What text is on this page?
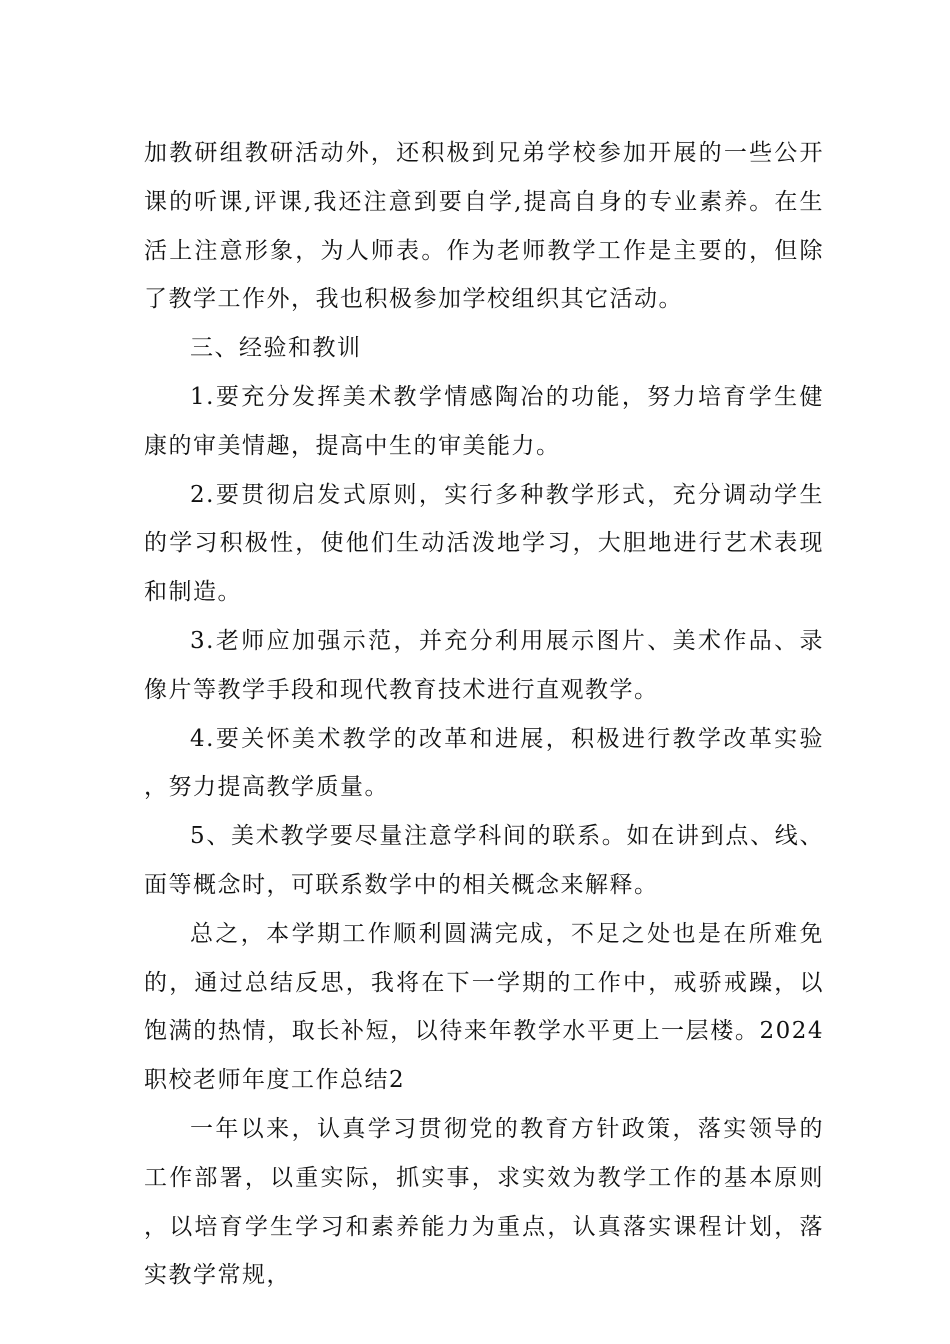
加教研组教研活动外，还积极到兄弟学校参加开展的一些公开课的听课,评课,我还注意到要自学,提高自身的专业素养。在生活上注意形象，为人师表。作为老师教学工作是主要的，但除了教学工作外，我也积极参加学校组织其它活动。

三、经验和教训

1.要充分发挥美术教学情感陶冶的功能，努力培育学生健康的审美情趣，提高中生的审美能力。

2.要贯彻启发式原则，实行多种教学形式，充分调动学生的学习积极性，使他们生动活泼地学习，大胆地进行艺术表现和制造。

3.老师应加强示范，并充分利用展示图片、美术作品、录像片等教学手段和现代教育技术进行直观教学。

4.要关怀美术教学的改革和进展，积极进行教学改革实验，努力提高教学质量。

5、美术教学要尽量注意学科间的联系。如在讲到点、线、面等概念时，可联系数学中的相关概念来解释。

总之，本学期工作顺利圆满完成，不足之处也是在所难免的，通过总结反思，我将在下一学期的工作中，戒骄戒躁，以饱满的热情，取长补短，以待来年教学水平更上一层楼。2024职校老师年度工作总结2

一年以来，认真学习贯彻党的教育方针政策，落实领导的工作部署，以重实际，抓实事，求实效为教学工作的基本原则，以培育学生学习和素养能力为重点，认真落实课程计划，落实教学常规，
